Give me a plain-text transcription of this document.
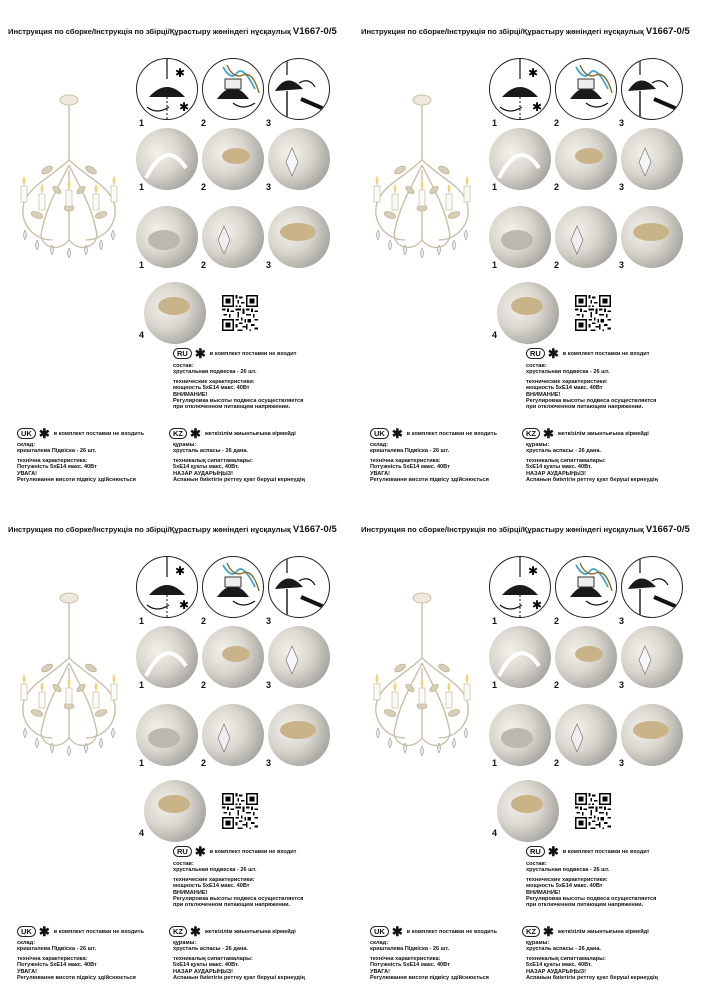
Инструкция по сборке/Інструкція по збірці/Құрастыру жөніндегі нұсқаулық V1667-0/5
✱
✱
1	2	3
1	2	3
1	2	3
4
RU ✱ в комплект поставки не входит
состав:
хрустальная подвеска - 26 шт.
технические характеристики:
мощность 5xE14 макс. 40Вт
ВНИМАНИЕ!
Регулировка высоты подвеса осуществляется
при отключенном питающем напряжении.
UK ✱ в комплект поставки не входить
склад:
кришталева Підвіска - 26 шт.
технічна характеристика:
Потужність 5xE14 макс. 40Вт
УВАГА!
Регулювання висоти підвісу здійснюється
KZ ✱ жеткізілім жиынтығына кірмейді
құрамы:
хрусталь аспасы - 26 дана.
техникалық сипаттамалары:
5xE14 қуаты макс. 40Вт.
НАЗАР АУДАРЫҢЫЗ!
Аспанын биіктігін реттеу қуат берушi кернеудің
Инструкция по сборке/Інструкція по збірці/Құрастыру жөніндегі нұсқаулық V1667-0/5
✱
✱
1	2	3
1	2	3
1	2	3
4
RU ✱ в комплект поставки не входит
состав:
хрустальная подвеска - 26 шт.
технические характеристики:
мощность 5xE14 макс. 40Вт
ВНИМАНИЕ!
Регулировка высоты подвеса осуществляется
при отключенном питающем напряжении.
UK ✱ в комплект поставки не входить
склад:
кришталева Підвіска - 26 шт.
технічна характеристика:
Потужність 5xE14 макс. 40Вт
УВАГА!
Регулювання висоти підвісу здійснюється
KZ ✱ жеткізілім жиынтығына кірмейді
құрамы:
хрусталь аспасы - 26 дана.
техникалық сипаттамалары:
5xE14 қуаты макс. 40Вт.
НАЗАР АУДАРЫҢЫЗ!
Аспанын биіктігін реттеу қуат берушi кернеудің
Инструкция по сборке/Інструкція по збірці/Құрастыру жөніндегі нұсқаулық V1667-0/5
✱
✱
1	2	3
1	2	3
1	2	3
4
RU ✱ в комплект поставки не входит
состав:
хрустальная подвеска - 26 шт.
технические характеристики:
мощность 5xE14 макс. 40Вт
ВНИМАНИЕ!
Регулировка высоты подвеса осуществляется
при отключенном питающем напряжении.
UK ✱ в комплект поставки не входить
склад:
кришталева Підвіска - 26 шт.
технічна характеристика:
Потужність 5xE14 макс. 40Вт
УВАГА!
Регулювання висоти підвісу здійснюється
KZ ✱ жеткізілім жиынтығына кірмейді
құрамы:
хрусталь аспасы - 26 дана.
техникалық сипаттамалары:
5xE14 қуаты макс. 40Вт.
НАЗАР АУДАРЫҢЫЗ!
Аспанын биіктігін реттеу қуат берушi кернеудің
Инструкция по сборке/Інструкція по збірці/Құрастыру жөніндегі нұсқаулық V1667-0/5
✱
✱
1	2	3
1	2	3
1	2	3
4
RU ✱ в комплект поставки не входит
состав:
хрустальная подвеска - 26 шт.
технические характеристики:
мощность 5xE14 макс. 40Вт
ВНИМАНИЕ!
Регулировка высоты подвеса осуществляется
при отключенном питающем напряжении.
UK ✱ в комплект поставки не входить
склад:
кришталева Підвіска - 26 шт.
технічна характеристика:
Потужність 5xE14 макс. 40Вт
УВАГА!
Регулювання висоти підвісу здійснюється
KZ ✱ жеткізілім жиынтығына кірмейді
құрамы:
хрусталь аспасы - 26 дана.
техникалық сипаттамалары:
5xE14 қуаты макс. 40Вт.
НАЗАР АУДАРЫҢЫЗ!
Аспанын биіктігін реттеу қуат берушi кернеудің
